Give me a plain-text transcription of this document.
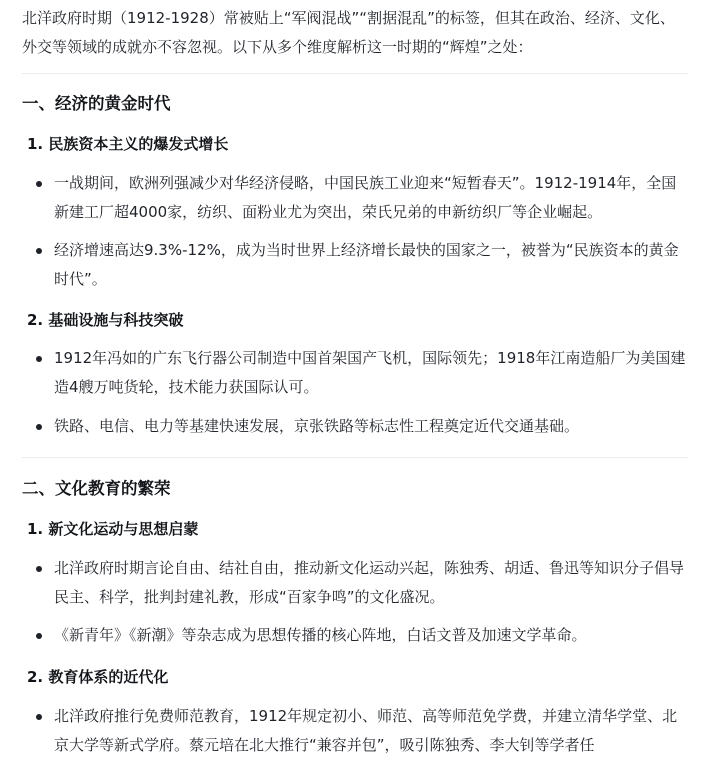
北洋政府时期（1912-1928）常被贴上“军阀混战”“割据混乱”的标签，但其在政治、经济、文化、外交等领域的成就亦不容忽视。以下从多个维度解析这一时期的“辉煌”之处：

一、经济的黄金时代
1. 民族资本主义的爆发式增长

一战期间，欧洲列强减少对华经济侵略，中国民族工业迎来“短暂春天”。1912-1914年，全国新建工厂超4000家，纺织、面粉业尤为突出，荣氏兄弟的申新纺织厂等企业崛起。

经济增速高达9.3%-12%，成为当时世界上经济增长最快的国家之一，被誉为“民族资本的黄金时代”。

2. 基础设施与科技突破

1912年冯如的广东飞行器公司制造中国首架国产飞机，国际领先；1918年江南造船厂为美国建造4艘万吨货轮，技术能力获国际认可。

铁路、电信、电力等基建快速发展，京张铁路等标志性工程奠定近代交通基础。

二、文化教育的繁荣
1. 新文化运动与思想启蒙

北洋政府时期言论自由、结社自由，推动新文化运动兴起，陈独秀、胡适、鲁迅等知识分子倡导民主、科学，批判封建礼教，形成“百家争鸣”的文化盛况。

《新青年》《新潮》等杂志成为思想传播的核心阵地，白话文普及加速文学革命。

2. 教育体系的近代化

北洋政府推行免费师范教育，1912年规定初小、师范、高等师范免学费，并建立清华学堂、北京大学等新式学府。蔡元培在北大推行“兼容并包”，吸引陈独秀、李大钊等学者任
